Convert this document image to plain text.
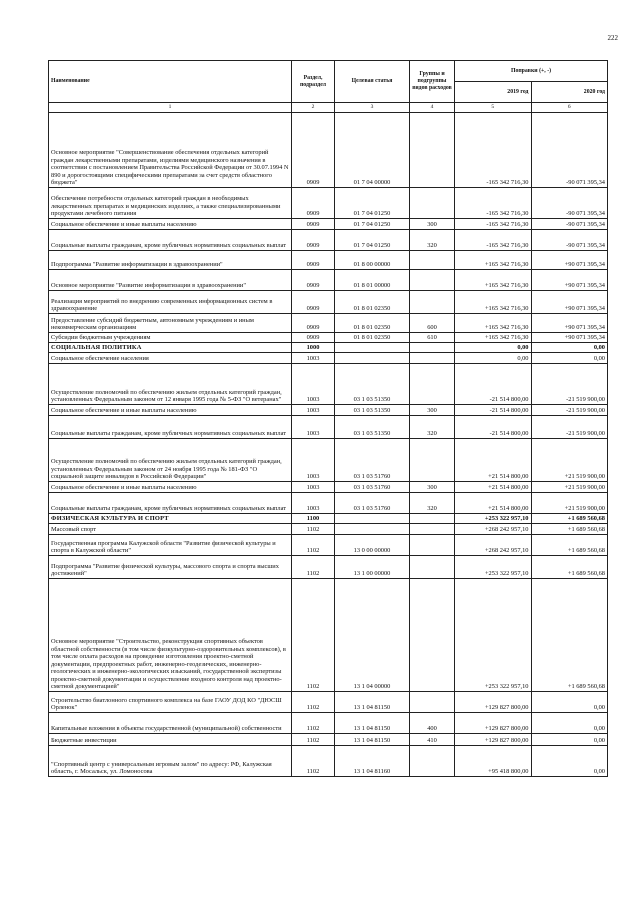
222
Наименование	Раздел, подраздел	Целевая статья	Группы и подгруппы видов расходов	Поправки (+, -)	
				2019 год	2020 год
1	2	3	4	5	6
Основное мероприятие "Совершенствование обеспечения отдельных категорий граждан лекарственными препаратами, изделиями медицинского назначения в соответствии с постановлением Правительства Российской Федерации от 30.07.1994 N 890 и дорогостоящими специфическими препаратами за счет средств областного бюджета"	0909	01 7 04 00000		-165 342 716,30	-90 071 395,34
Обеспечение потребности отдельных категорий граждан в необходимых лекарственных препаратах и медицинских изделиях, а также специализированными продуктами лечебного питания	0909	01 7 04 01250		-165 342 716,30	-90 071 395,34
Социальное обеспечение и иные выплаты населению	0909	01 7 04 01250	300	-165 342 716,30	-90 071 395,34
Социальные выплаты гражданам, кроме публичных нормативных социальных выплат	0909	01 7 04 01250	320	-165 342 716,30	-90 071 395,34
Подпрограмма "Развитие информатизации в здравоохранении"	0909	01 8 00 00000		+165 342 716,30	+90 071 395,34
Основное мероприятие "Развитие информатизации в здравоохранении"	0909	01 8 01 00000		+165 342 716,30	+90 071 395,34
Реализация мероприятий по внедрению современных информационных систем в здравоохранение	0909	01 8 01 02350		+165 342 716,30	+90 071 395,34
Предоставление субсидий бюджетным, автономным учреждениям и иным некоммерческим организациям	0909	01 8 01 02350	600	+165 342 716,30	+90 071 395,34
Субсидии бюджетным учреждениям	0909	01 8 01 02350	610	+165 342 716,30	+90 071 395,34
СОЦИАЛЬНАЯ ПОЛИТИКА	1000			0,00	0,00
Социальное обеспечение населения	1003			0,00	0,00
Осуществление полномочий по обеспечению жильем отдельных категорий граждан, установленных Федеральным законом от 12 января 1995 года № 5-ФЗ "О ветеранах"	1003	03 1 03 51350		-21 514 800,00	-21 519 900,00
Социальное обеспечение и иные выплаты населению	1003	03 1 03 51350	300	-21 514 800,00	-21 519 900,00
Социальные выплаты гражданам, кроме публичных нормативных социальных выплат	1003	03 1 03 51350	320	-21 514 800,00	-21 519 900,00
Осуществление полномочий по обеспечению жильем отдельных категорий граждан, установленных Федеральным законом от 24 ноября 1995 года № 181-ФЗ "О социальной защите инвалидов в Российской Федерации"	1003	03 1 03 51760		+21 514 800,00	+21 519 900,00
Социальное обеспечение и иные выплаты населению	1003	03 1 03 51760	300	+21 514 800,00	+21 519 900,00
Социальные выплаты гражданам, кроме публичных нормативных социальных выплат	1003	03 1 03 51760	320	+21 514 800,00	+21 519 900,00
ФИЗИЧЕСКАЯ КУЛЬТУРА И СПОРТ	1100			+253 322 957,10	+1 689 560,68
Массовый спорт	1102			+268 242 957,10	+1 689 560,68
Государственная программа Калужской области "Развитие физической культуры и спорта в Калужской области"	1102	13 0 00 00000		+268 242 957,10	+1 689 560,68
Подпрограмма "Развитие физической культуры, массового спорта и спорта высших достижений"	1102	13 1 00 00000		+253 322 957,10	+1 689 560,68
Основное мероприятие "Строительство, реконструкция спортивных объектов областной собственности (в том числе физкультурно-оздоровительных комплексов), в том числе оплата расходов на проведение изготовления проектно-сметной документации, предпроектных работ, инженерно-геодезических, инженерно-геологических и инженерно-экологических изысканий, государственной экспертизы проектно-сметной документации и осуществление входного контроля над проектно-сметной документацией"	1102	13 1 04 00000		+253 322 957,10	+1 689 560,68
Строительство биатлонного спортивного комплекса на базе ГАОУ ДОД КО "ДЮСШ Орленок"	1102	13 1 04 81150		+129 827 800,00	0,00
Капитальные вложения в объекты государственной (муниципальной) собственности	1102	13 1 04 81150	400	+129 827 800,00	0,00
Бюджетные инвестиции	1102	13 1 04 81150	410	+129 827 800,00	0,00
"Спортивный центр с универсальным игровым залом" по адресу: РФ, Калужская область, г. Мосальск, ул. Ломоносова	1102	13 1 04 81160		+95 418 800,00	0,00
